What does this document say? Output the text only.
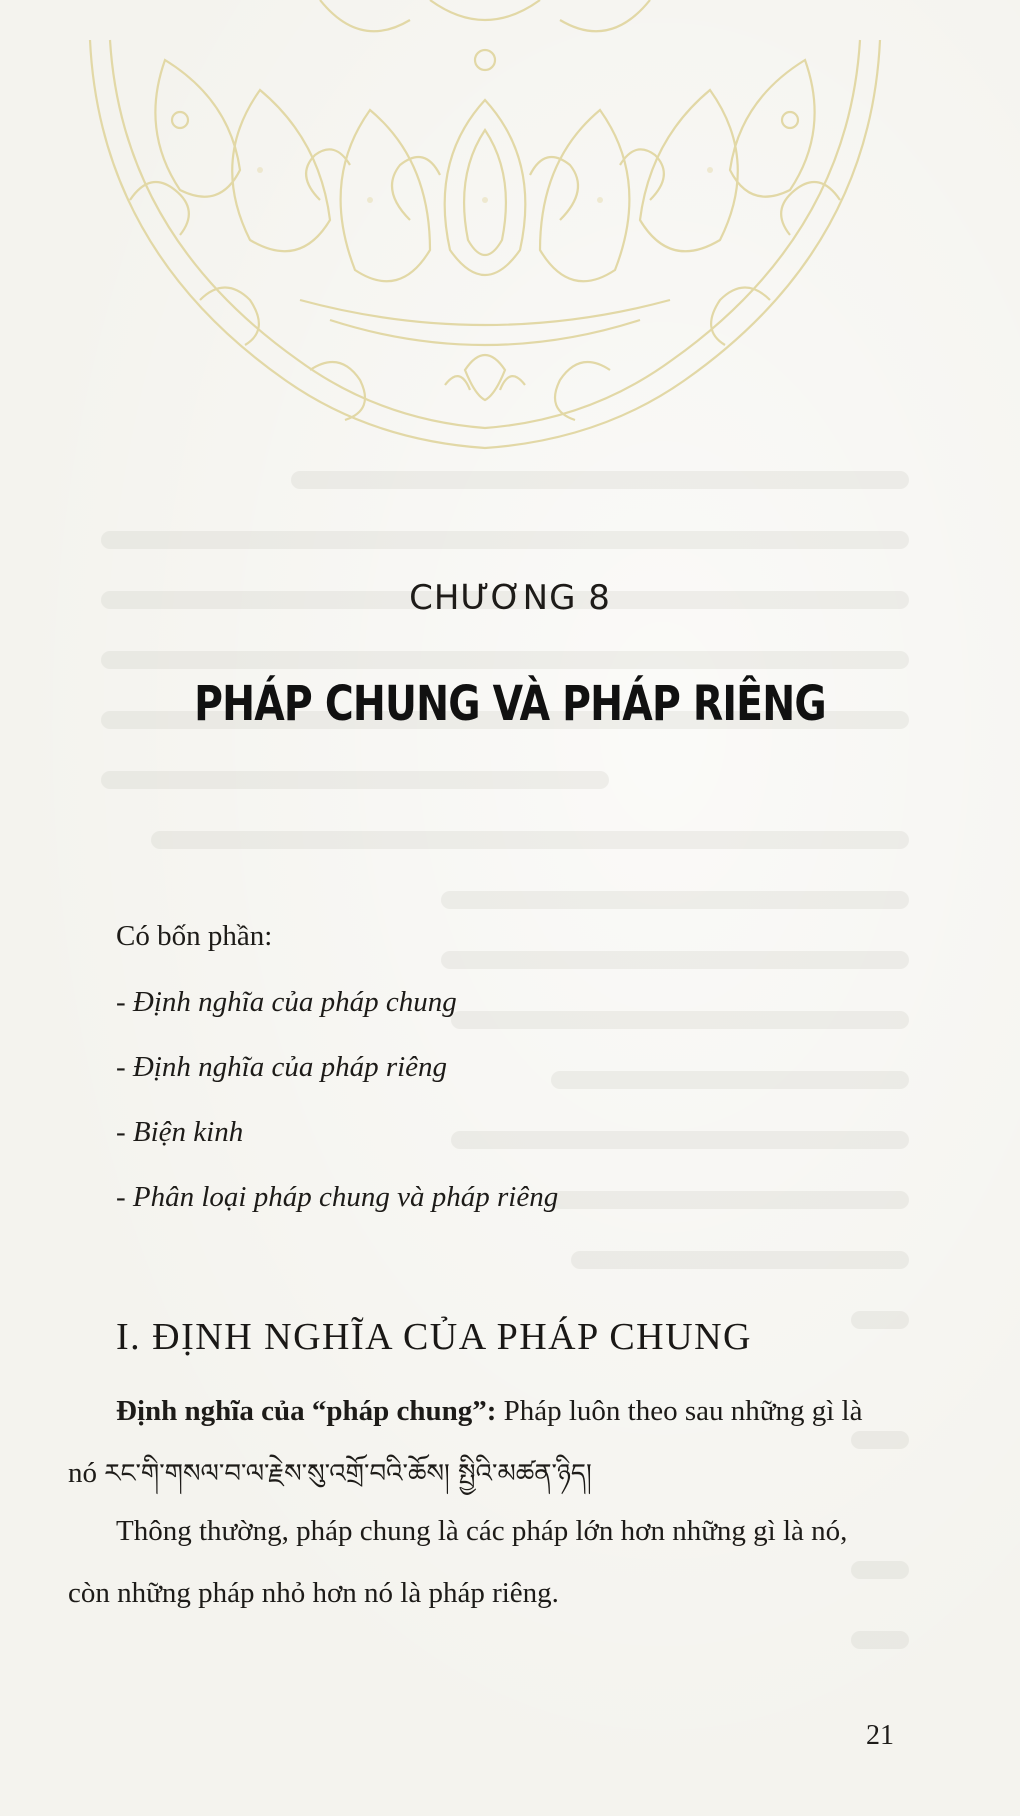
CHƯƠNG 8
PHÁP CHUNG VÀ PHÁP RIÊNG
Có bốn phần:
- Định nghĩa của pháp chung
- Định nghĩa của pháp riêng
- Biện kinh
- Phân loại pháp chung và pháp riêng
I. ĐỊNH NGHĨA CỦA PHÁP CHUNG
Định nghĩa của “pháp chung”: Pháp luôn theo sau những gì là
nó རང་གི་གསལ་བ་ལ་རྗེས་སུ་འགྲོ་བའི་ཆོས། སྤྱིའི་མཚན་ཉིད།
Thông thường, pháp chung là các pháp lớn hơn những gì là nó,
còn những pháp nhỏ hơn nó là pháp riêng.
21
